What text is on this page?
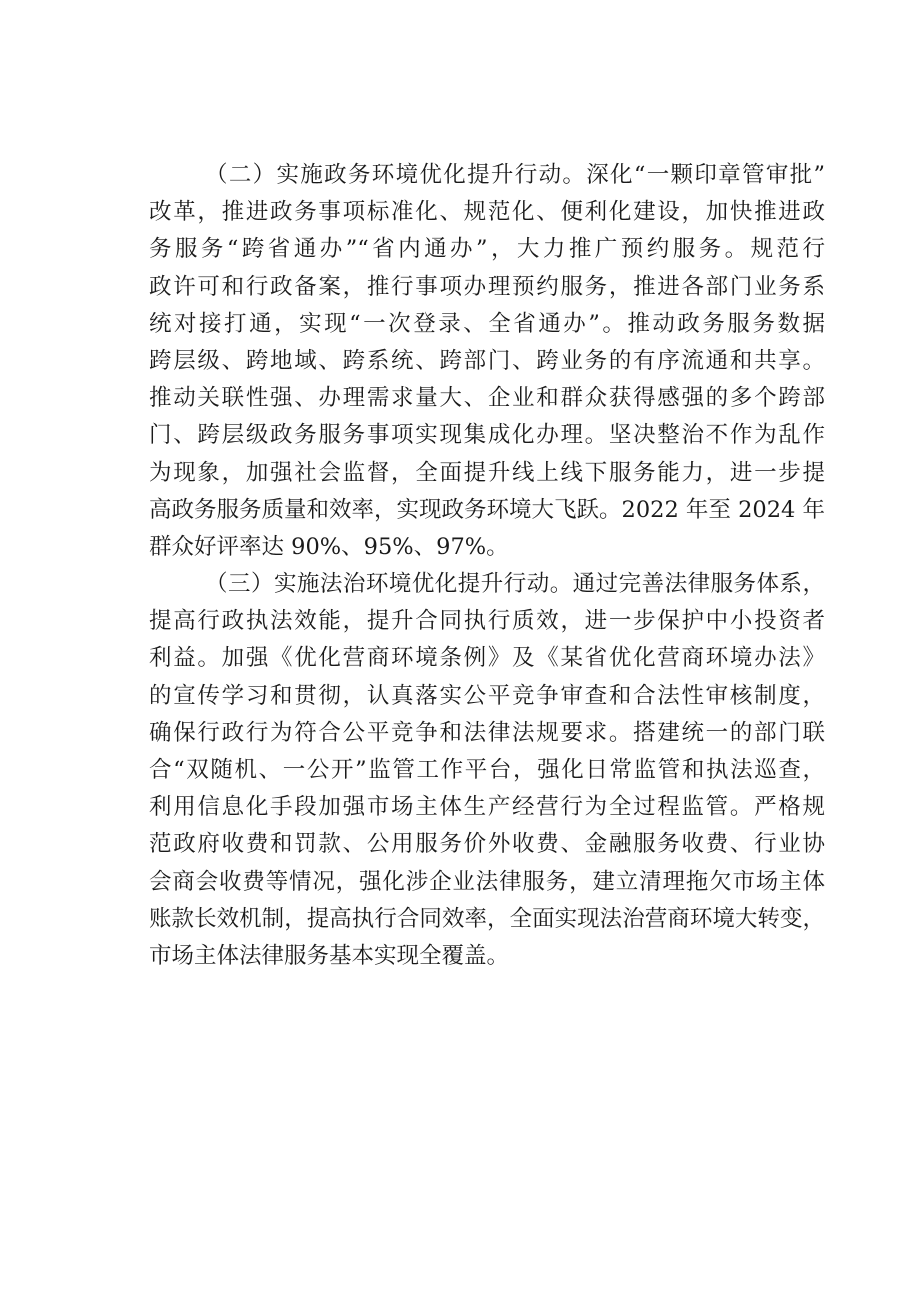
（二）实施政务环境优化提升行动。深化“一颗印章管审批”
改革，推进政务事项标准化、规范化、便利化建设，加快推进政
务服务“跨省通办”“省内通办”，大力推广预约服务。规范行
政许可和行政备案，推行事项办理预约服务，推进各部门业务系
统对接打通，实现“一次登录、全省通办”。推动政务服务数据
跨层级、跨地域、跨系统、跨部门、跨业务的有序流通和共享。
推动关联性强、办理需求量大、企业和群众获得感强的多个跨部
门、跨层级政务服务事项实现集成化办理。坚决整治不作为乱作
为现象，加强社会监督，全面提升线上线下服务能力，进一步提
高政务服务质量和效率，实现政务环境大飞跃。2022 年至 2024 年
群众好评率达 90%、95%、97%。
（三）实施法治环境优化提升行动。通过完善法律服务体系，
提高行政执法效能，提升合同执行质效，进一步保护中小投资者
利益。加强《优化营商环境条例》及《某省优化营商环境办法》
的宣传学习和贯彻，认真落实公平竞争审查和合法性审核制度，
确保行政行为符合公平竞争和法律法规要求。搭建统一的部门联
合“双随机、一公开”监管工作平台，强化日常监管和执法巡查，
利用信息化手段加强市场主体生产经营行为全过程监管。严格规
范政府收费和罚款、公用服务价外收费、金融服务收费、行业协
会商会收费等情况，强化涉企业法律服务，建立清理拖欠市场主体
账款长效机制，提高执行合同效率，全面实现法治营商环境大转变，
市场主体法律服务基本实现全覆盖。
